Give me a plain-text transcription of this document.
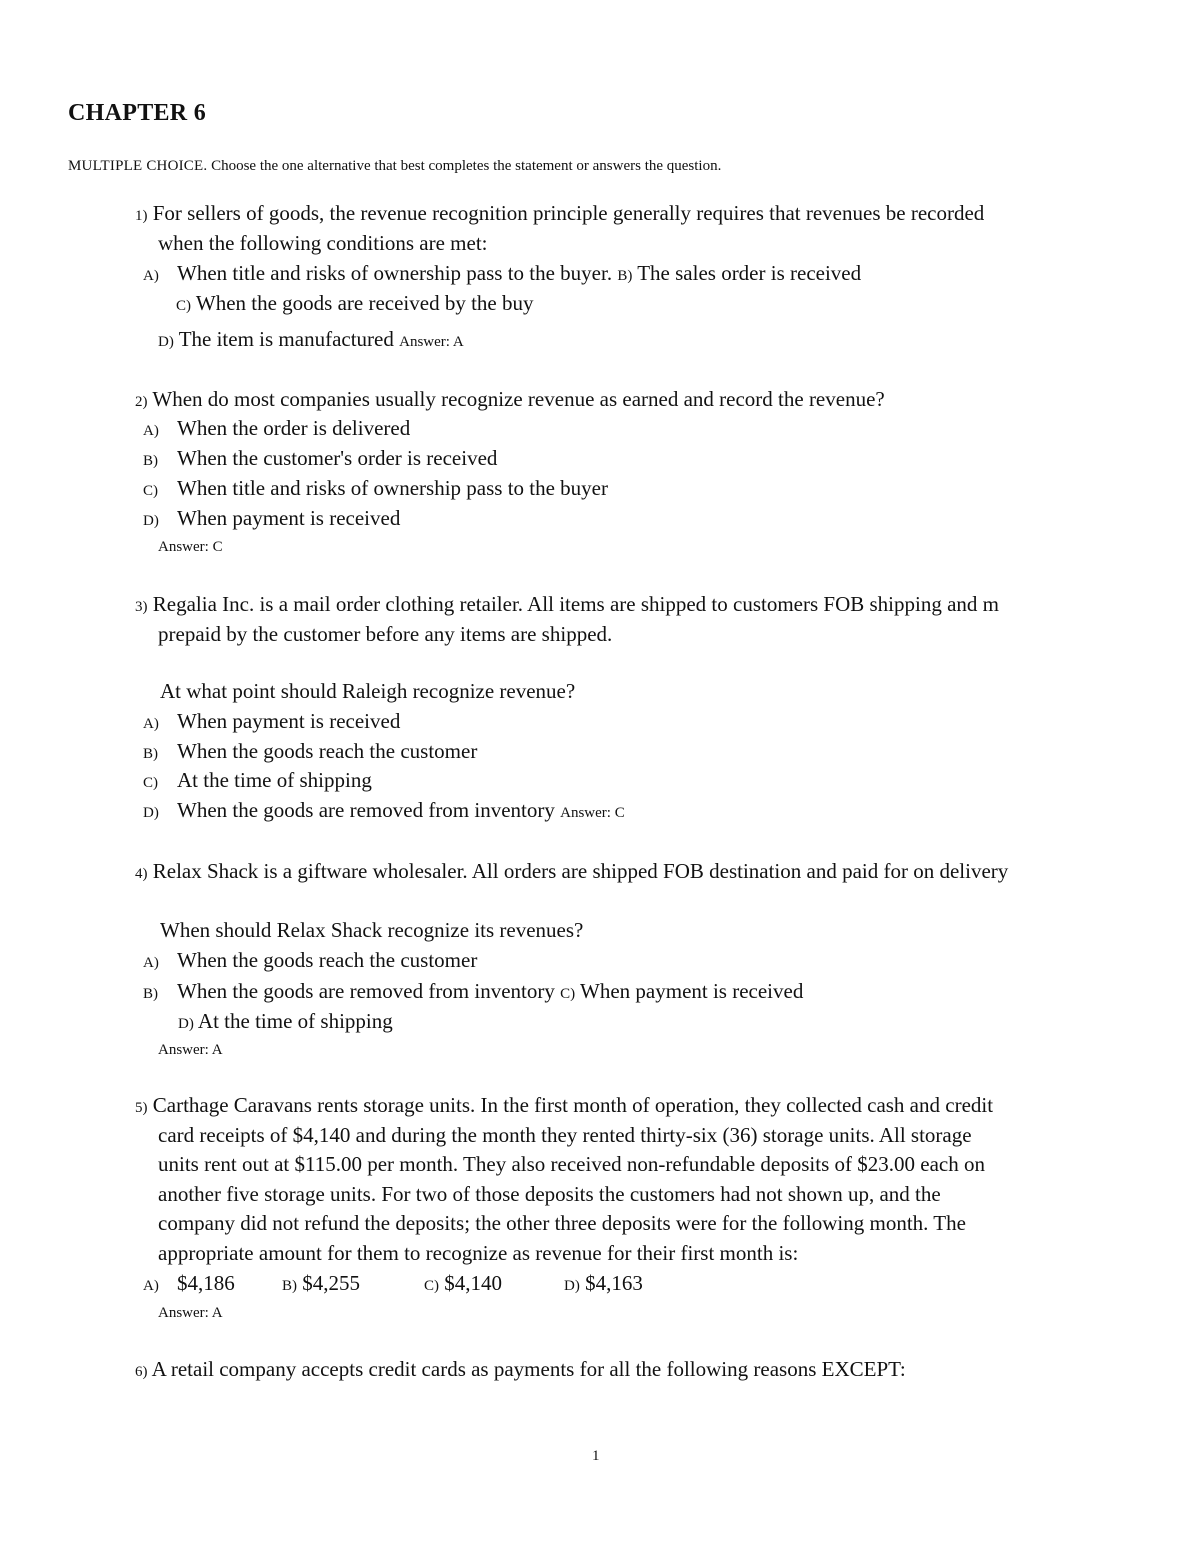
CHAPTER 6
MULTIPLE CHOICE. Choose the one alternative that best completes the statement or answers the question.
1) For sellers of goods, the revenue recognition principle generally requires that revenues be recorded
when the following conditions are met:
A) When title and risks of ownership pass to the buyer. B) The sales order is received
C) When the goods are received by the buy
D) The item is manufactured Answer: A
2) When do most companies usually recognize revenue as earned and record the revenue?
A) When the order is delivered
B) When the customer's order is received
C) When title and risks of ownership pass to the buyer
D) When payment is received
Answer: C
3) Regalia Inc. is a mail order clothing retailer. All items are shipped to customers FOB shipping and m
prepaid by the customer before any items are shipped.
At what point should Raleigh recognize revenue?
A) When payment is received
B) When the goods reach the customer
C) At the time of shipping
D) When the goods are removed from inventory Answer: C
4) Relax Shack is a giftware wholesaler. All orders are shipped FOB destination and paid for on delivery
When should Relax Shack recognize its revenues?
A) When the goods reach the customer
B) When the goods are removed from inventory C) When payment is received
D) At the time of shipping
Answer: A
5) Carthage Caravans rents storage units. In the first month of operation, they collected cash and credit
card receipts of $4,140 and during the month they rented thirty-six (36) storage units. All storage
units rent out at $115.00 per month. They also received non-refundable deposits of $23.00 each on
another five storage units. For two of those deposits the customers had not shown up, and the
company did not refund the deposits; the other three deposits were for the following month. The
appropriate amount for them to recognize as revenue for their first month is:
A) $4,186	B) $4,255	C) $4,140	D) $4,163
Answer: A
6) A retail company accepts credit cards as payments for all the following reasons EXCEPT:
1
